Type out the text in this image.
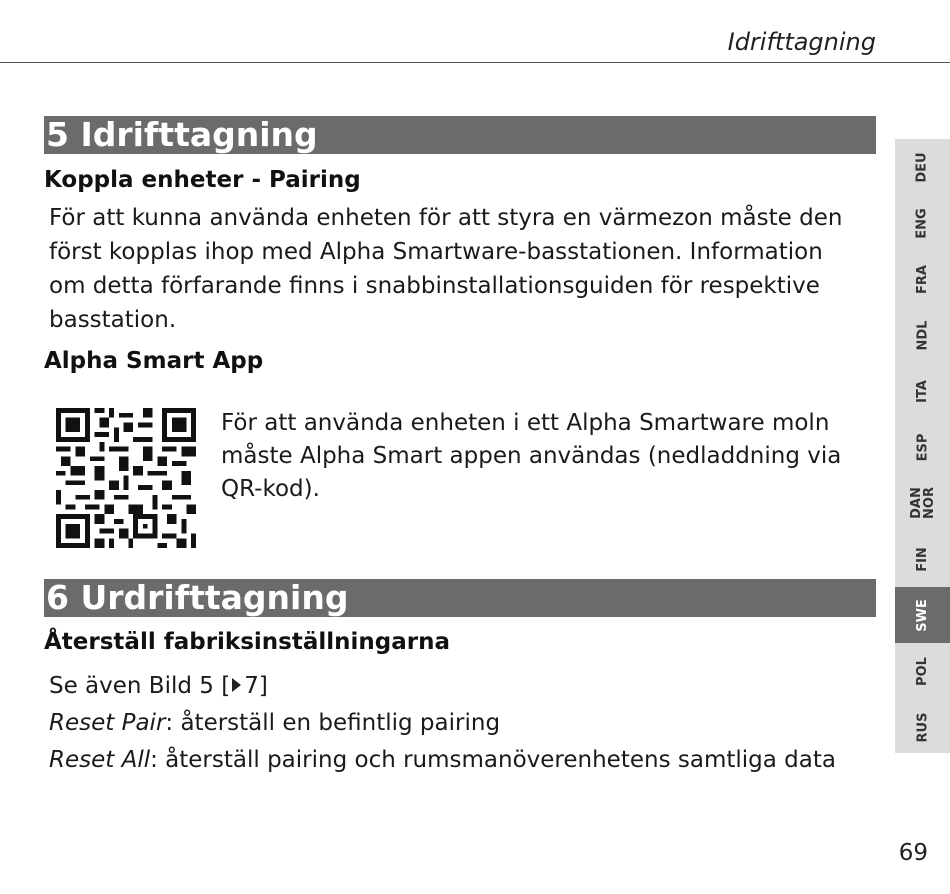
Idrifttagning
5 Idrifttagning
Koppla enheter - Pairing
För att kunna använda enheten för att styra en värmezon måste den
först kopplas ihop med Alpha Smartware-basstationen. Information
om detta förfarande finns i snabbinstallationsguiden för respektive
basstation.
Alpha Smart App
För att använda enheten i ett Alpha Smartware moln
måste Alpha Smart appen användas (nedladdning via
QR-kod).
6 Urdrifttagning
Återställ fabriksinställningarna
Se även Bild 5 [ 7]
Reset Pair: återställ en befintlig pairing
Reset All: återställ pairing och rumsmanöverenhetens samtliga data
DEU
ENG
FRA
NDL
ITA
ESP
DAN
NOR
FIN
SWE
POL
RUS
69
